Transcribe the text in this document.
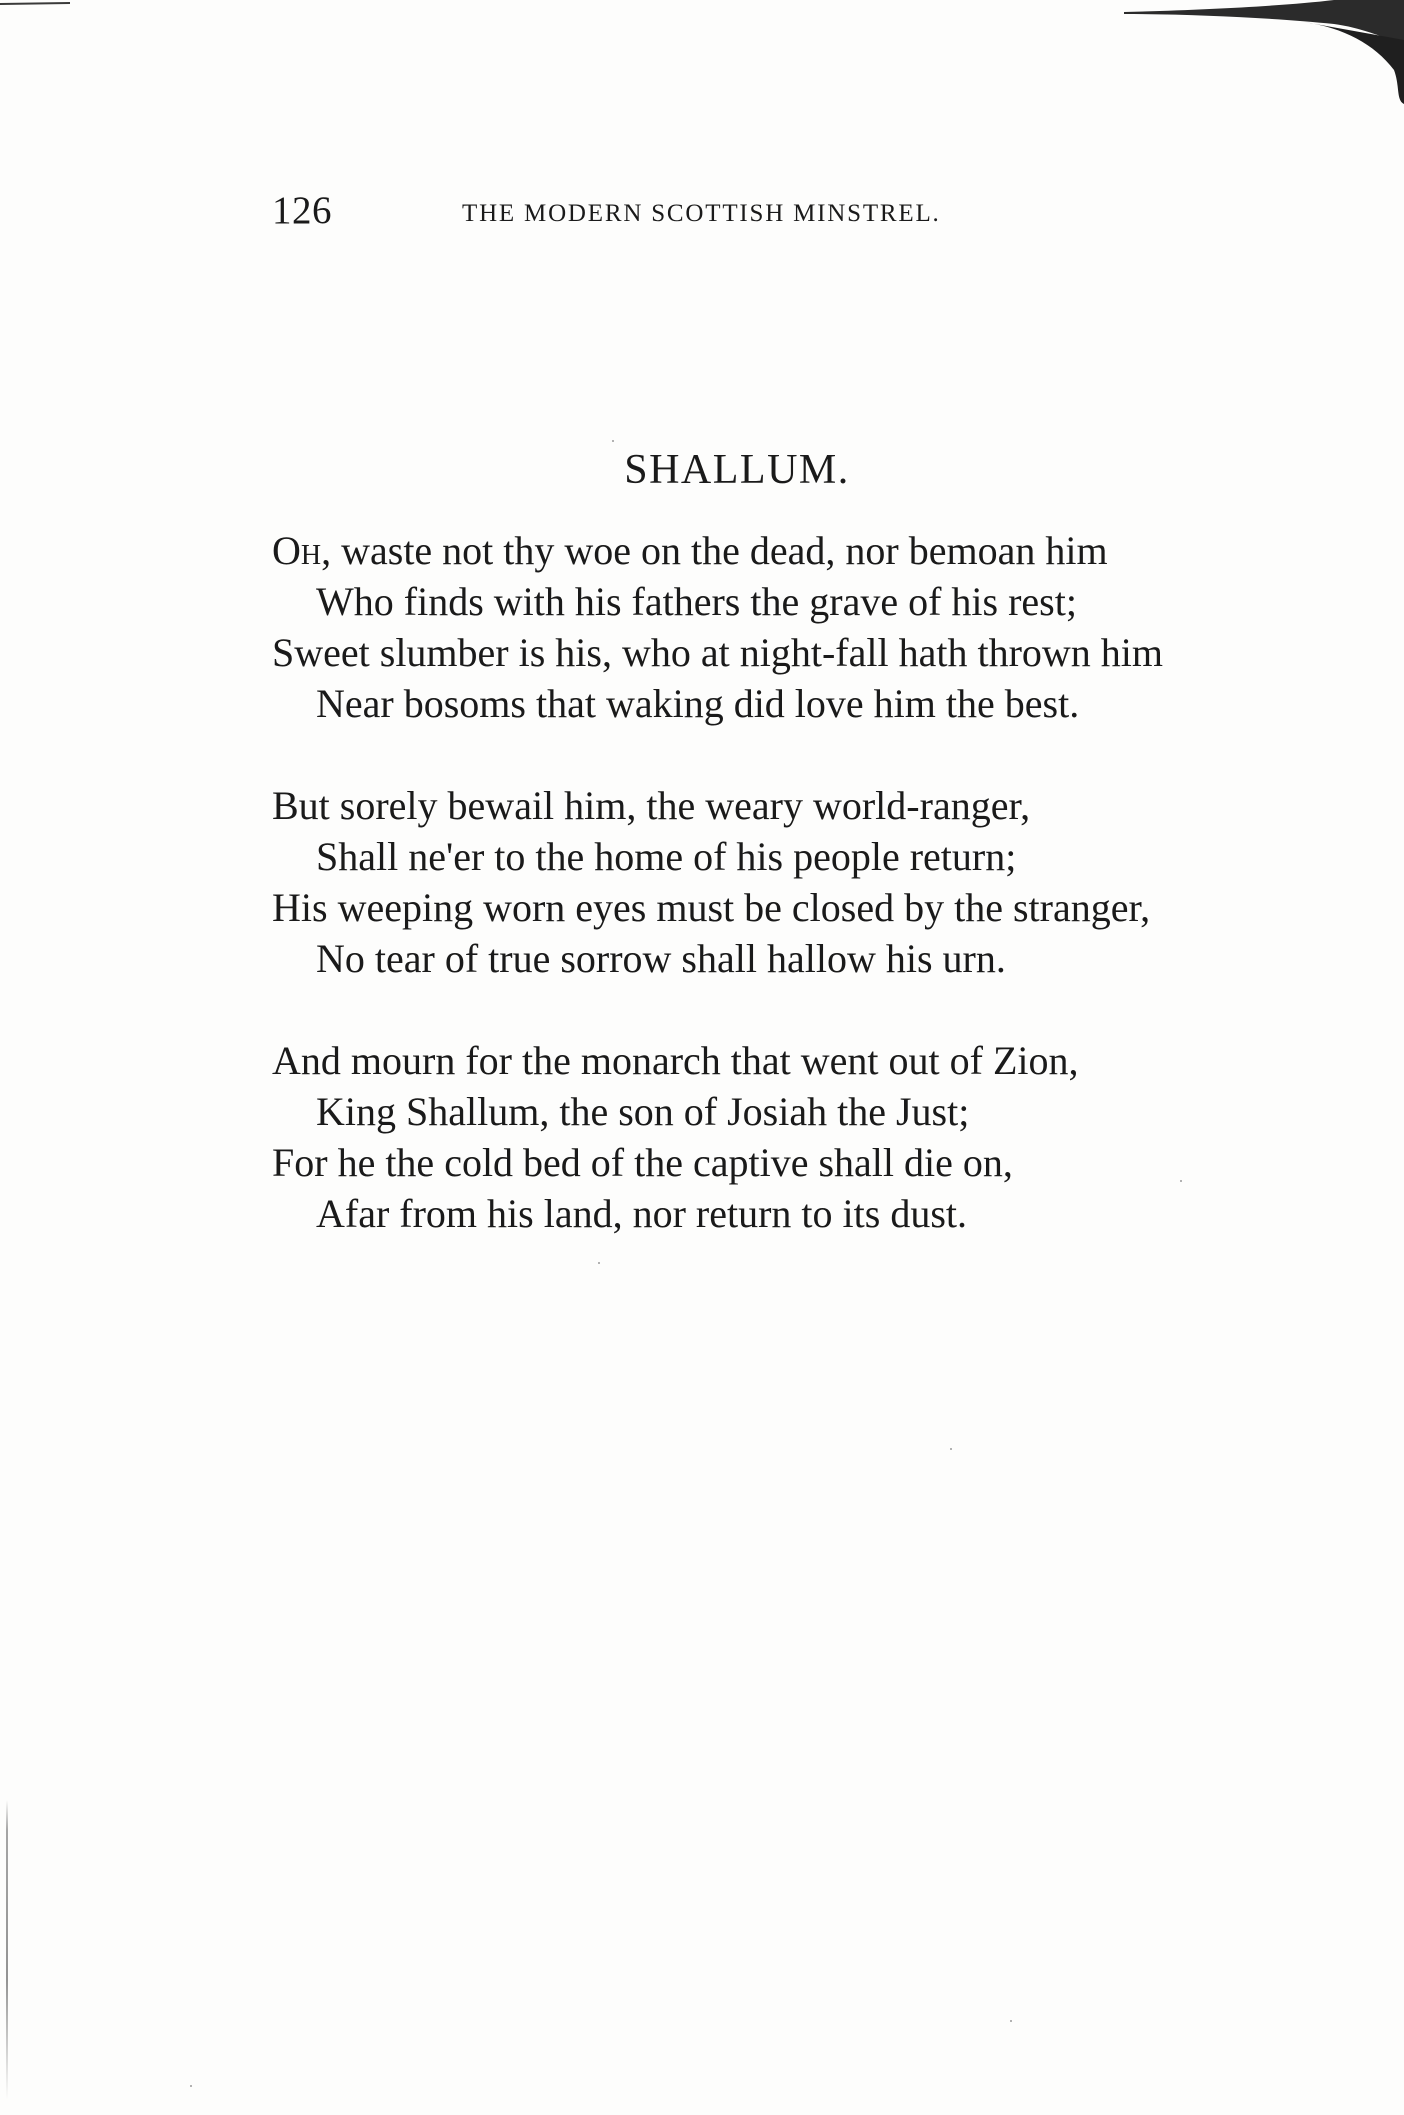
126	THE MODERN SCOTTISH MINSTREL.
SHALLUM.
Oh, waste not thy woe on the dead, nor bemoan him
Who finds with his fathers the grave of his rest;
Sweet slumber is his, who at night-fall hath thrown him
Near bosoms that waking did love him the best.
But sorely bewail him, the weary world-ranger,
Shall ne'er to the home of his people return;
His weeping worn eyes must be closed by the stranger,
No tear of true sorrow shall hallow his urn.
And mourn for the monarch that went out of Zion,
King Shallum, the son of Josiah the Just;
For he the cold bed of the captive shall die on,
Afar from his land, nor return to its dust.
